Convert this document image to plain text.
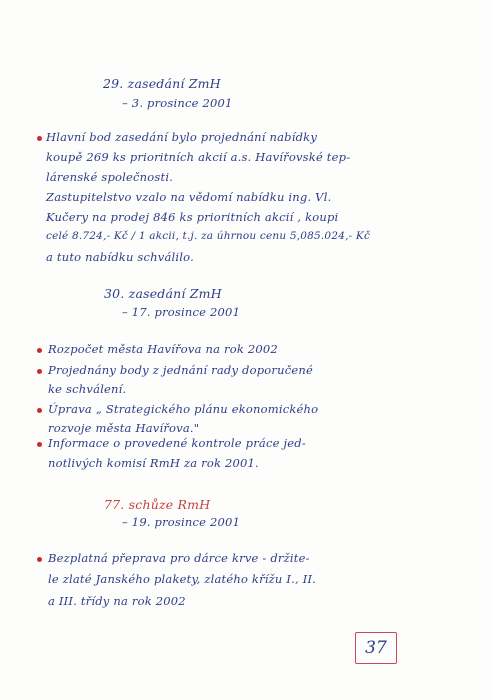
29. zasedání ZmH
– 3. prosince 2001
Hlavní bod zasedání bylo projednání nabídky
koupě 269 ks prioritních akcií a.s. Havířovské tep-
lárenské společnosti.
Zastupitelstvo vzalo na vědomí nabídku ing. Vl.
Kučery na prodej 846 ks prioritních akcií , koupi
celé 8.724,- Kč / 1 akcii, t.j. za úhrnou cenu 5,085.024,- Kč
a tuto nabídku schválilo.
30. zasedání ZmH
– 17. prosince 2001
Rozpočet města Havířova na rok 2002
Projednány body z jednání rady doporučené
ke schválení.
Úprava „ Strategického plánu ekonomického
rozvoje města Havířova."
Informace o provedené kontrole práce jed-
notlivých komisí RmH za rok 2001.
77. schůze RmH
– 19. prosince 2001
Bezplatná přeprava pro dárce krve - držite-
le zlaté Janského plakety, zlatého křížu I., II.
a III. třídy na rok 2002
37
